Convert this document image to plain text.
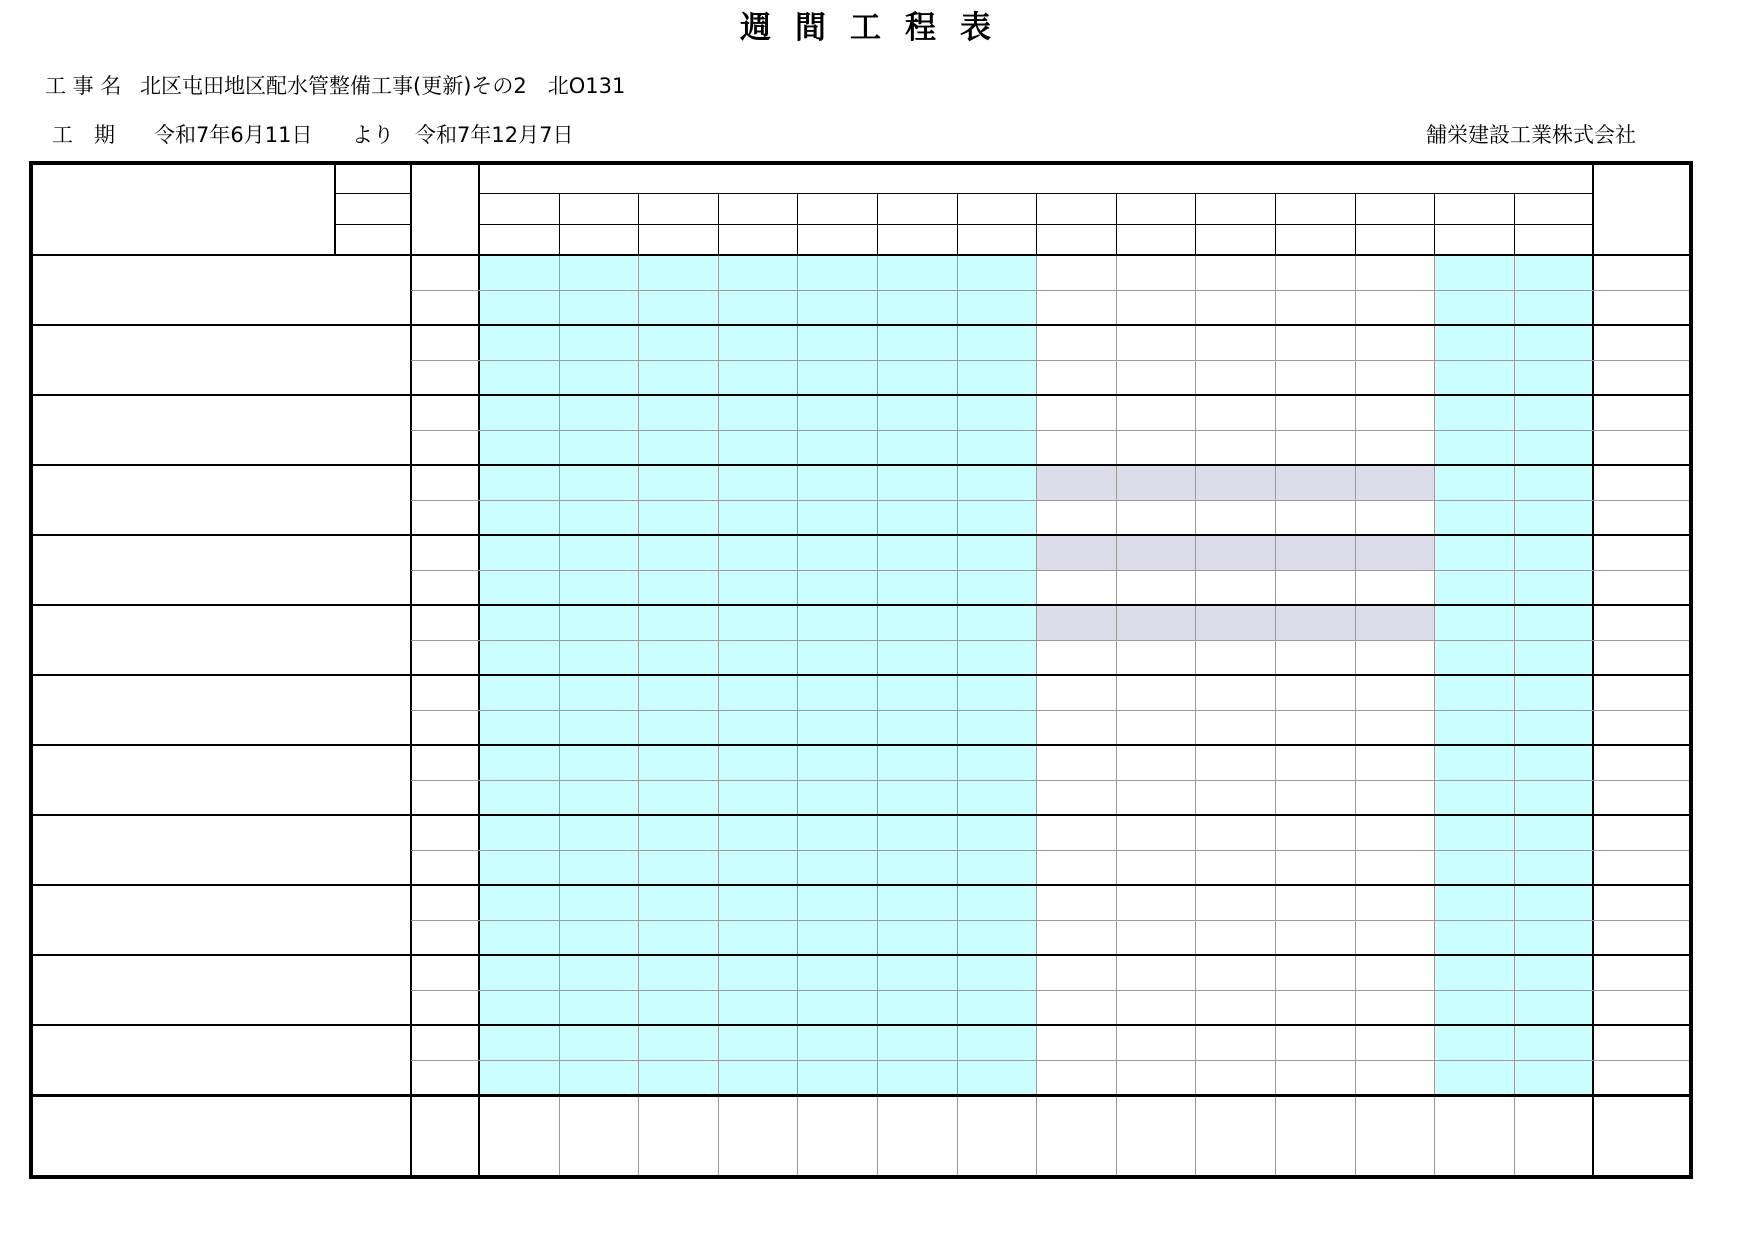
週間工程表
工 事 名 北区屯田地区配水管整備工事(更新)その2　北O131
工　期 令和7年6月11日 より 令和7年12月7日	舗栄建設工業株式会社
